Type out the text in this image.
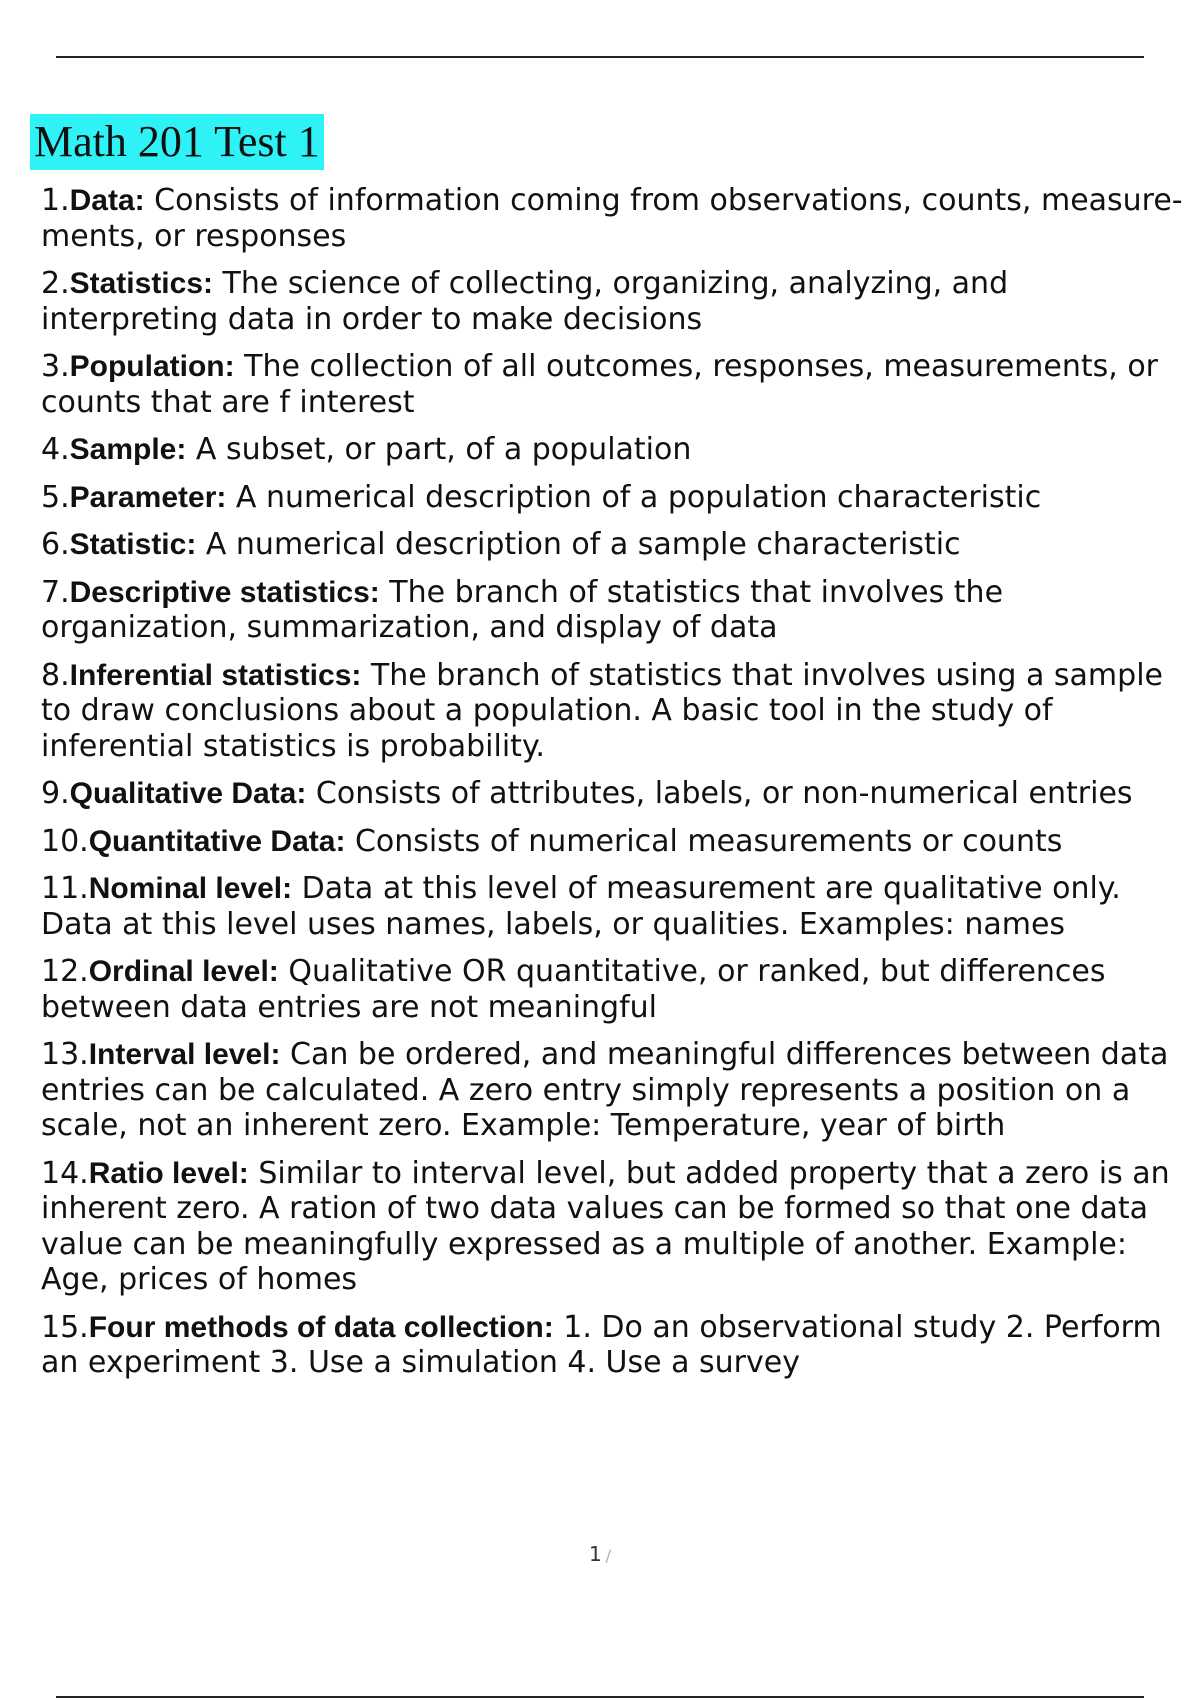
Math 201 Test 1
1.Data: Consists of information coming from observations, counts, measure- ments, or responses
2.Statistics: The science of collecting, organizing, analyzing, and interpreting data in order to make decisions
3.Population: The collection of all outcomes, responses, measurements, or counts that are f interest
4.Sample: A subset, or part, of a population
5.Parameter: A numerical description of a population characteristic
6.Statistic: A numerical description of a sample characteristic
7.Descriptive statistics: The branch of statistics that involves the organization, summarization, and display of data
8.Inferential statistics: The branch of statistics that involves using a sample to draw conclusions about a population. A basic tool in the study of inferential statistics is probability.
9.Qualitative Data: Consists of attributes, labels, or non-numerical entries
10.Quantitative Data: Consists of numerical measurements or counts
11.Nominal level: Data at this level of measurement are qualitative only. Data at this level uses names, labels, or qualities. Examples: names
12.Ordinal level: Qualitative OR quantitative, or ranked, but differences between data entries are not meaningful
13.Interval level: Can be ordered, and meaningful differences between data entries can be calculated. A zero entry simply represents a position on a scale, not an inherent zero. Example: Temperature, year of birth
14.Ratio level: Similar to interval level, but added property that a zero is an inherent zero. A ration of two data values can be formed so that one data value can be meaningfully expressed as a multiple of another. Example: Age, prices of homes
15.Four methods of data collection: 1. Do an observational study 2. Perform an experiment 3. Use a simulation 4. Use a survey
1 /
